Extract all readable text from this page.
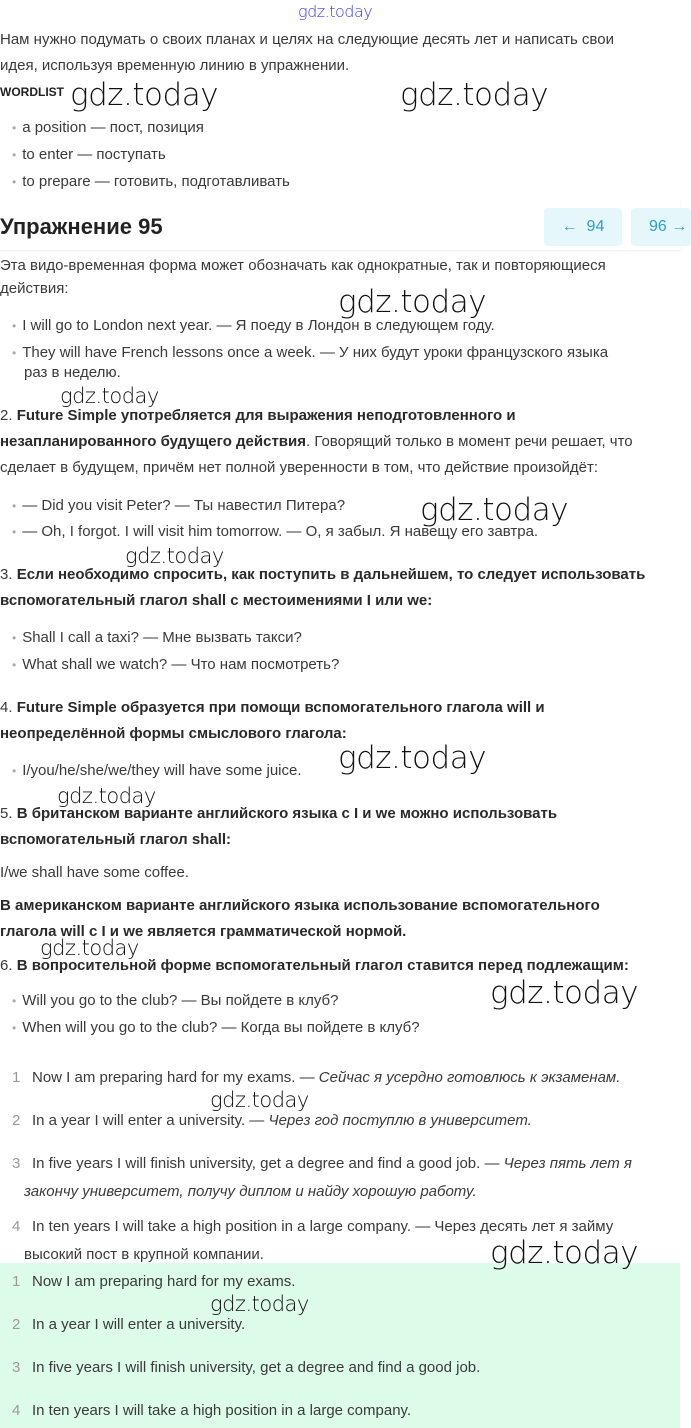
gdz.today
Нам нужно подумать о своих планах и целях на следующие десять лет и написать свои
идея, используя временную линию в упражнении.
WORDLIST
• a position — пост, позиция
• to enter — поступать
• to prepare — готовить, подготавливать
Упражнение 95	← 94	96 →
Эта видо-временная форма может обозначать как однократные, так и повторяющиеся
действия:
• I will go to London next year. — Я поеду в Лондон в следующем году.
• They will have French lessons once a week. — У них будут уроки французского языка
раз в неделю.
2. Future Simple употребляется для выражения неподготовленного и
незапланированного будущего действия. Говорящий только в момент речи решает, что
сделает в будущем, причём нет полной уверенности в том, что действие произойдёт:
• — Did you visit Peter? — Ты навестил Питера?
• — Oh, I forgot. I will visit him tomorrow. — О, я забыл. Я навещу его завтра.
3. Если необходимо спросить, как поступить в дальнейшем, то следует использовать
вспомогательный глагол shall с местоимениями I или we:
• Shall I call a taxi? — Мне вызвать такси?
• What shall we watch? — Что нам посмотреть?
4. Future Simple образуется при помощи вспомогательного глагола will и
неопределённой формы смыслового глагола:
• I/you/he/she/we/they will have some juice.
5. В британском варианте английского языка с I и we можно использовать
вспомогательный глагол shall:
I/we shall have some coffee.
В американском варианте английского языка использование вспомогательного
глагола will с I и we является грамматической нормой.
6. В вопросительной форме вспомогательный глагол ставится перед подлежащим:
• Will you go to the club? — Вы пойдете в клуб?
• When will you go to the club? — Когда вы пойдете в клуб?
1 Now I am preparing hard for my exams. — Сейчас я усердно готовлюсь к экзаменам.
2 In a year I will enter a university. — Через год поступлю в университет.
3 In five years I will finish university, get a degree and find a good job. — Через пять лет я
закончу университет, получу диплом и найду хорошую работу.
4 In ten years I will take a high position in a large company. — Через десять лет я займу
высокий пост в крупной компании.
1 Now I am preparing hard for my exams.
2 In a year I will enter a university.
3 In five years I will finish university, get a degree and find a good job.
4 In ten years I will take a high position in a large company.
gdz.today	gdz.today
gdz.today
gdz.today
gdz.today
gdz.today
gdz.today
gdz.today
gdz.today
gdz.today
gdz.today
gdz.today
gdz.today
